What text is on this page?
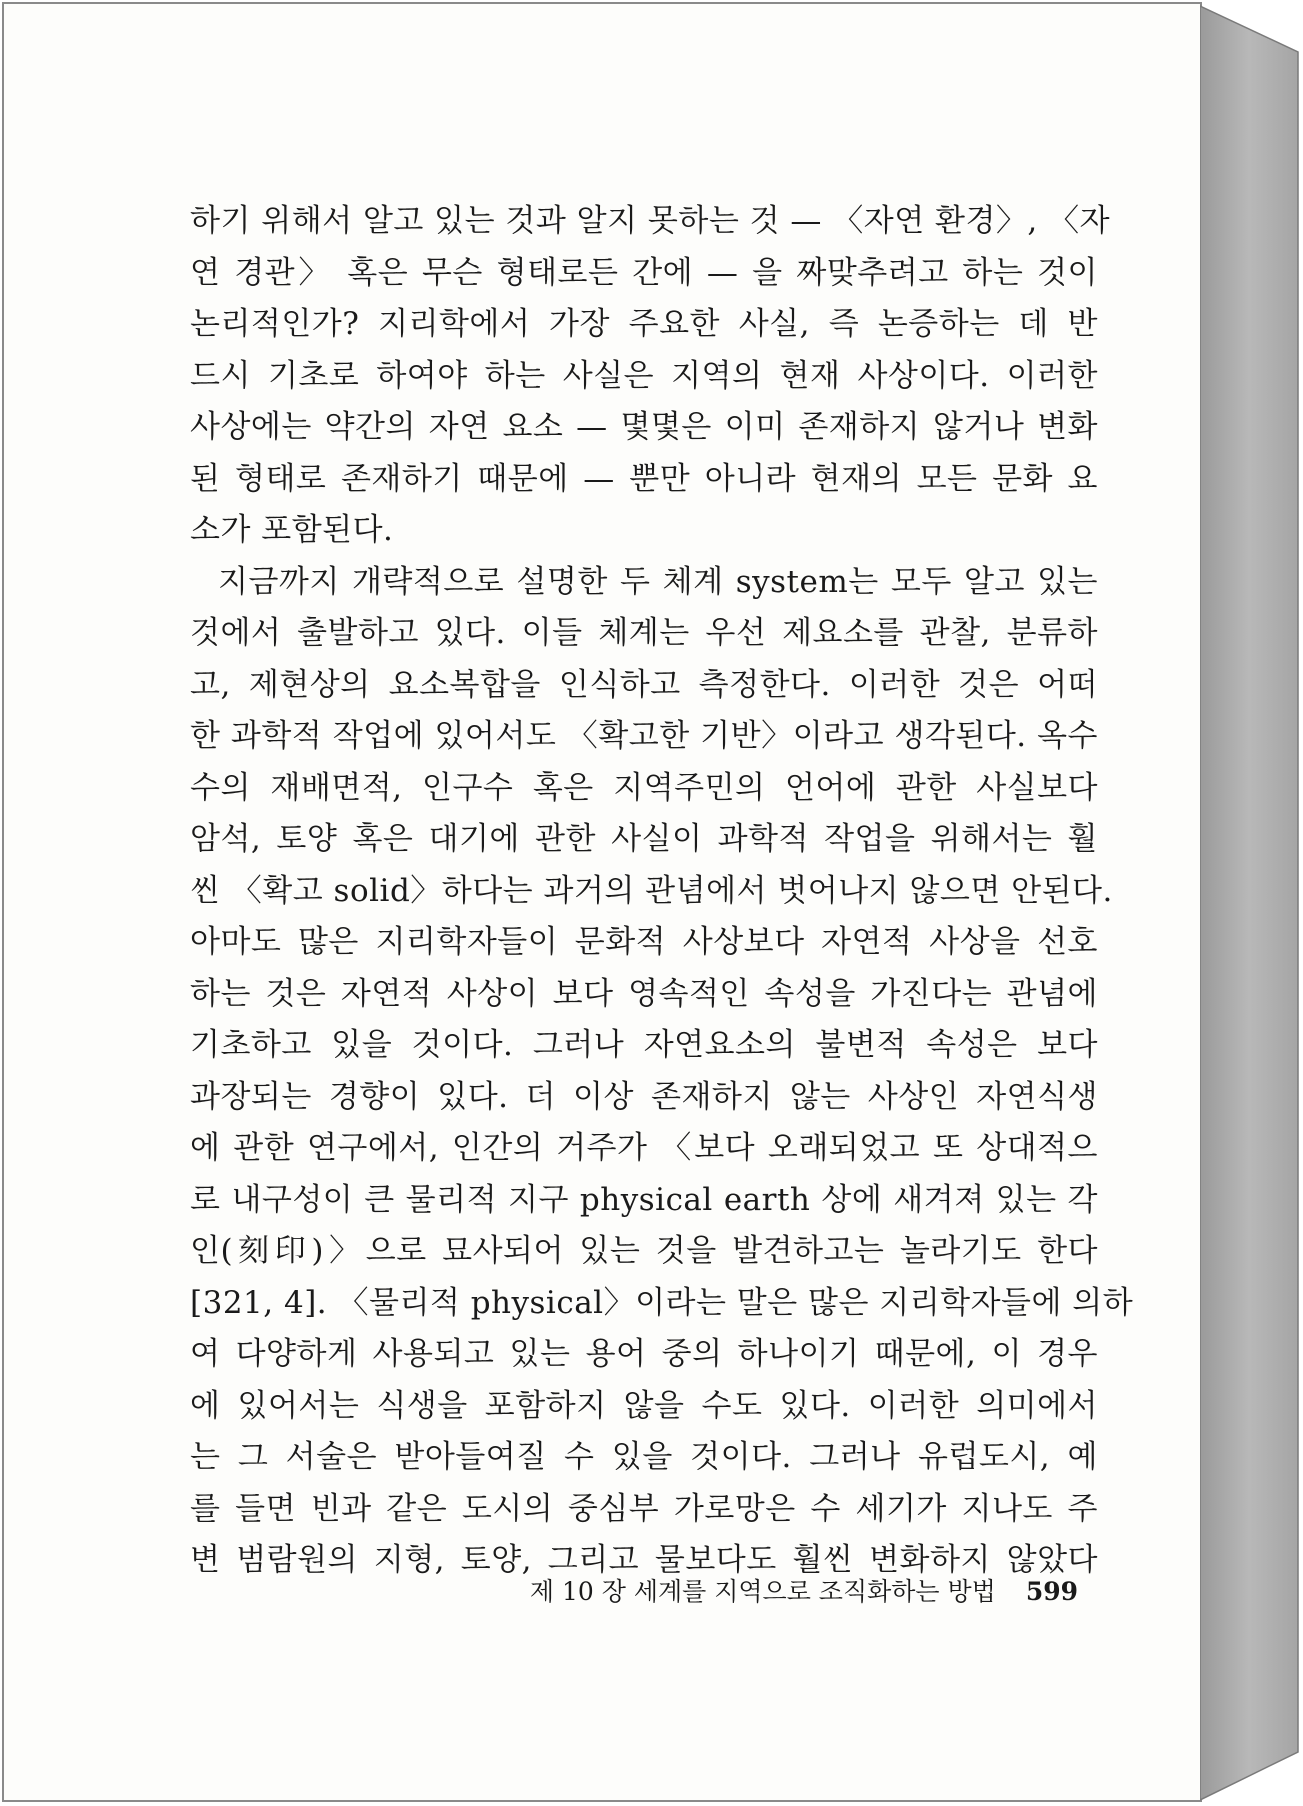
하기 위해서 알고 있는 것과 알지 못하는 것 — 〈자연 환경〉, 〈자
연 경관〉 혹은 무슨 형태로든 간에 — 을 짜맞추려고 하는 것이
논리적인가? 지리학에서 가장 주요한 사실, 즉 논증하는 데 반
드시 기초로 하여야 하는 사실은 지역의 현재 사상이다. 이러한
사상에는 약간의 자연 요소 — 몇몇은 이미 존재하지 않거나 변화
된 형태로 존재하기 때문에 — 뿐만 아니라 현재의 모든 문화 요
소가 포함된다.
지금까지 개략적으로 설명한 두 체계 system는 모두 알고 있는
것에서 출발하고 있다. 이들 체계는 우선 제요소를 관찰, 분류하
고, 제현상의 요소복합을 인식하고 측정한다. 이러한 것은 어떠
한 과학적 작업에 있어서도 〈확고한 기반〉이라고 생각된다. 옥수
수의 재배면적, 인구수 혹은 지역주민의 언어에 관한 사실보다
암석, 토양 혹은 대기에 관한 사실이 과학적 작업을 위해서는 훨
씬 〈확고 solid〉하다는 과거의 관념에서 벗어나지 않으면 안된다.
아마도 많은 지리학자들이 문화적 사상보다 자연적 사상을 선호
하는 것은 자연적 사상이 보다 영속적인 속성을 가진다는 관념에
기초하고 있을 것이다. 그러나 자연요소의 불변적 속성은 보다
과장되는 경향이 있다. 더 이상 존재하지 않는 사상인 자연식생
에 관한 연구에서, 인간의 거주가 〈보다 오래되었고 또 상대적으
로 내구성이 큰 물리적 지구 physical earth 상에 새겨져 있는 각
인(刻印)〉으로 묘사되어 있는 것을 발견하고는 놀라기도 한다
[321, 4]. 〈물리적 physical〉이라는 말은 많은 지리학자들에 의하
여 다양하게 사용되고 있는 용어 중의 하나이기 때문에, 이 경우
에 있어서는 식생을 포함하지 않을 수도 있다. 이러한 의미에서
는 그 서술은 받아들여질 수 있을 것이다. 그러나 유럽도시, 예
를 들면 빈과 같은 도시의 중심부 가로망은 수 세기가 지나도 주
변 범람원의 지형, 토양, 그리고 물보다도 훨씬 변화하지 않았다
제 10 장 세계를 지역으로 조직화하는 방법 599
